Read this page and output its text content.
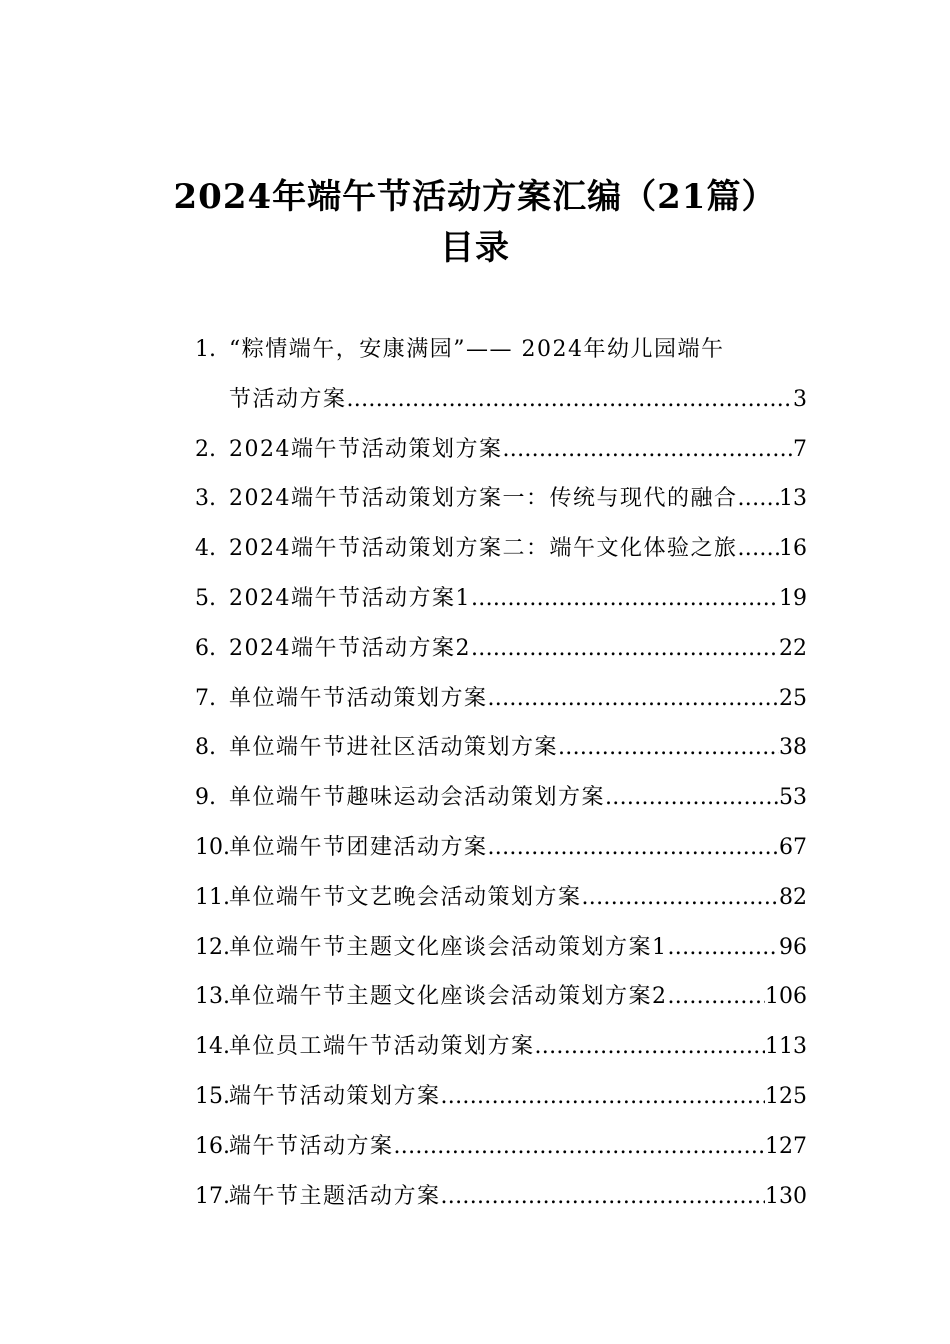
2024年端午节活动方案汇编（21篇）
目录
1. “粽情端午，安康满园”—— 2024年幼儿园端午
节活动方案 .....	3
2. 2024端午节活动策划方案 .....	7
3. 2024端午节活动策划方案一：传统与现代的融合 ..... 13
4. 2024端午节活动策划方案二：端午文化体验之旅 ..... 16
5. 2024端午节活动方案1 .....	19
6. 2024端午节活动方案2 .....	22
7. 单位端午节活动策划方案 .....	25
8. 单位端午节进社区活动策划方案 .....	38
9. 单位端午节趣味运动会活动策划方案 .....	53
10. 单位端午节团建活动方案 .....	67
11. 单位端午节文艺晚会活动策划方案 .....	82
12. 单位端午节主题文化座谈会活动策划方案1 .....	96
13. 单位端午节主题文化座谈会活动策划方案2 .....	106
14. 单位员工端午节活动策划方案 .....	113
15. 端午节活动策划方案 .....	125
16. 端午节活动方案 .....	127
17. 端午节主题活动方案 .....	130
